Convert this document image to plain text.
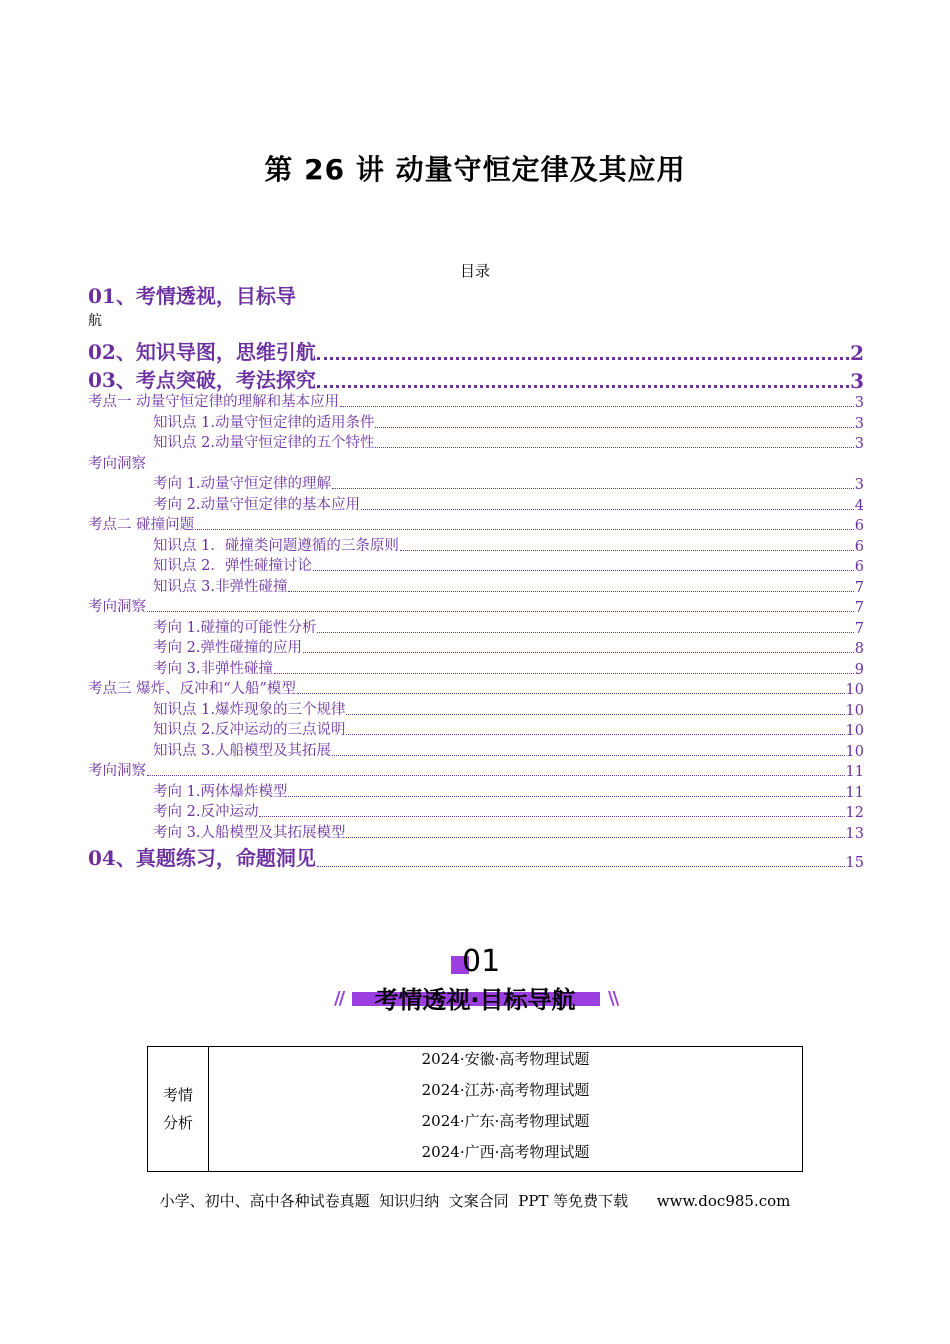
第 26 讲 动量守恒定律及其应用
目录
01、考情透视，目标导
航
02、知识导图，思维引航	2
03、考点突破，考法探究	3
考点一 动量守恒定律的理解和基本应用	3
知识点 1.动量守恒定律的适用条件	3
知识点 2.动量守恒定律的五个特性	3
考向洞察
考向 1.动量守恒定律的理解	3
考向 2.动量守恒定律的基本应用	4
考点二 碰撞问题	6
知识点 1．碰撞类问题遵循的三条原则	6
知识点 2．弹性碰撞讨论	6
知识点 3.非弹性碰撞	7
考向洞察	7
考向 1.碰撞的可能性分析	7
考向 2.弹性碰撞的应用	8
考向 3.非弹性碰撞	9
考点三 爆炸、反冲和“人船”模型	10
知识点 1.爆炸现象的三个规律	10
知识点 2.反冲运动的三点说明	10
知识点 3.人船模型及其拓展	10
考向洞察	11
考向 1.两体爆炸模型	11
考向 2.反冲运动	12
考向 3.人船模型及其拓展模型	13
04、真题练习，命题洞见	15
01
//	考情透视·目标导航	\\
考情
分析

2024·安徽·高考物理试题
2024·江苏·高考物理试题
2024·广东·高考物理试题
2024·广西·高考物理试题
小学、初中、高中各种试卷真题  知识归纳  文案合同  PPT 等免费下载      www.doc985.com
